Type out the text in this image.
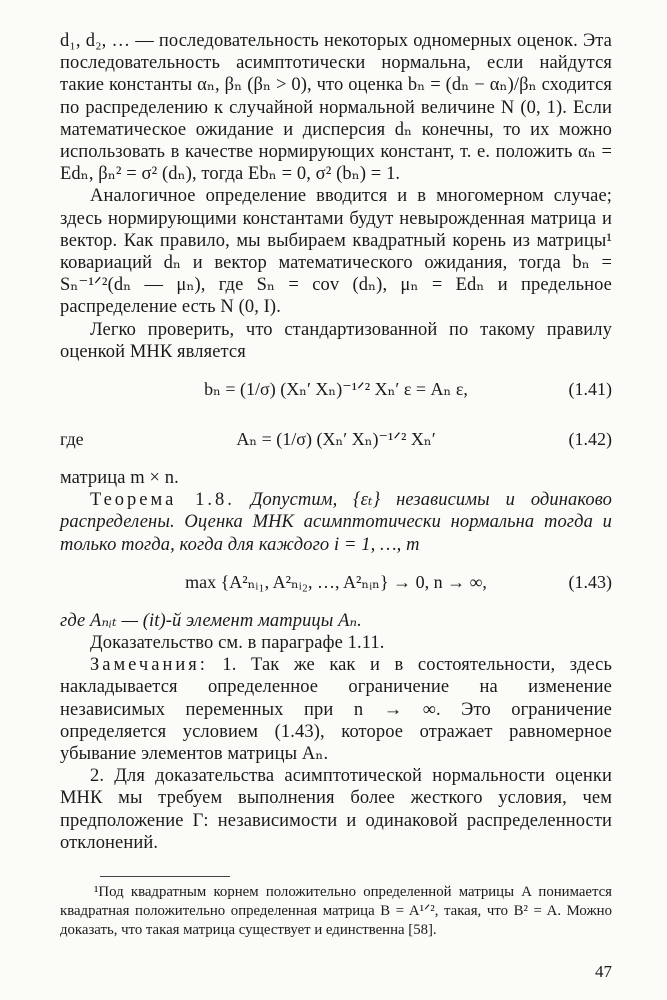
d₁, d₂, … — последовательность некоторых одномерных оценок. Эта последовательность асимптотически нормальна, если найдутся такие константы αₙ, βₙ (βₙ > 0), что оценка bₙ = (dₙ − αₙ)/βₙ сходится по распределению к случайной нормальной величине N (0, 1). Если математическое ожидание и дисперсия dₙ конечны, то их можно использовать в качестве нормирующих констант, т. е. положить αₙ = Edₙ, βₙ² = σ² (dₙ), тогда Ebₙ = 0, σ² (bₙ) = 1.

Аналогичное определение вводится и в многомерном случае; здесь нормирующими константами будут невырожденная матрица и вектор. Как правило, мы выбираем квадратный корень из матрицы¹ ковариаций dₙ и вектор математического ожидания, тогда bₙ = Sₙ⁻¹ᐟ²(dₙ — μₙ), где Sₙ = cov (dₙ), μₙ = Edₙ и предельное распределение есть N (0, I).

Легко проверить, что стандартизованной по такому правилу оценкой МНК является

bₙ = (1/σ) (Xₙ′ Xₙ)⁻¹ᐟ² Xₙ′ ε = Aₙ ε,	(1.41)
где	Aₙ = (1/σ) (Xₙ′ Xₙ)⁻¹ᐟ² Xₙ′	(1.42)

матрица m × n.

Теорема 1.8. Допустим, {εₜ} независимы и одинаково распределены. Оценка МНК асимптотически нормальна тогда и только тогда, когда для каждого i = 1, …, m

max {A²ₙᵢ₁, A²ₙᵢ₂, …, A²ₙᵢₙ} → 0, n → ∞,	(1.43)

где Aₙᵢₜ — (it)-й элемент матрицы Aₙ.

Доказательство см. в параграфе 1.11.

Замечания: 1. Так же как и в состоятельности, здесь накладывается определенное ограничение на изменение независимых переменных при n → ∞. Это ограничение определяется условием (1.43), которое отражает равномерное убывание элементов матрицы Aₙ.

2. Для доказательства асимптотической нормальности оценки МНК мы требуем выполнения более жесткого условия, чем предположение Г: независимости и одинаковой распределенности отклонений.

¹Под квадратным корнем положительно определенной матрицы A понимается квадратная положительно определенная матрица B = A¹ᐟ², такая, что B² = A. Можно доказать, что такая матрица существует и единственна [58].

47
